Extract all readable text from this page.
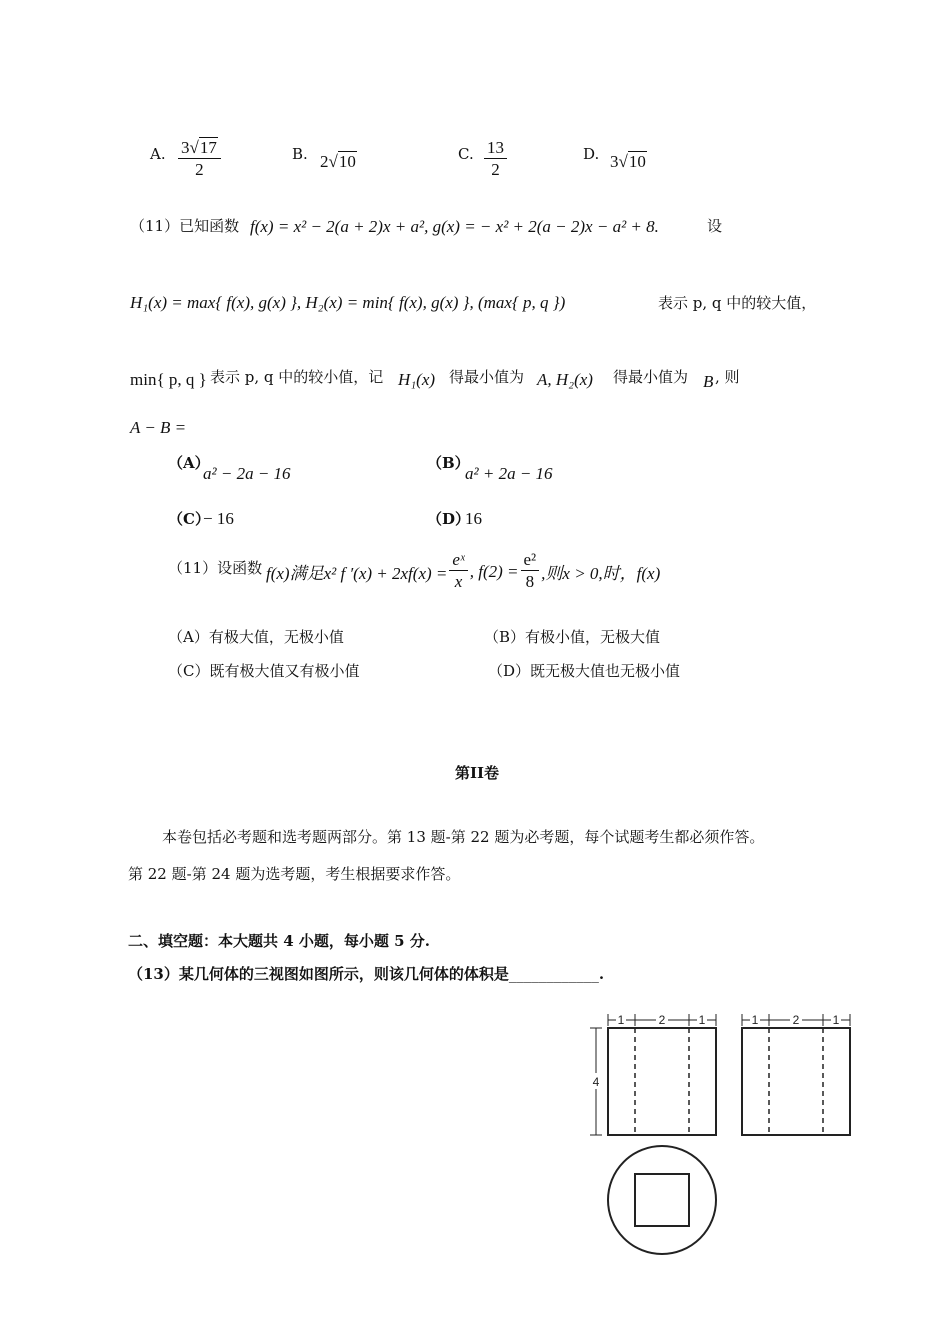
A. $\frac{3√17}{2}$	B. 2√10	C. $\frac{13}{2}$	D. 3√10
（11）已知函数 f(x) = x² − 2(a + 2)x + a², g(x) = − x² + 2(a − 2)x − a² + 8.	设
H₁(x) = max{ f(x), g(x) }, H₂(x) = min{ f(x), g(x) }, (max{ p, q })	表示 p, q 中的较大值，
min{ p, q } 表示 p, q 中的较小值，记 H₁(x) 得最小值为 A, H₂(x) 得最小值为 B , 则
A − B =
（A）
a² − 2a − 16
（B）
a² + 2a − 16
（C）
− 16	（D）
16
（11）设函数 f(x)满足x² f $'(x) + 2xf(x) = \frac{\text{eˣ}}{x}$ , $f(2) = \frac{\text{e²}}{8}$ ,则x > 0,时，f(x)
（A）有极大值，无极小值	（B）有极小值，无极大值
（C）既有极大值又有极小值	（D）既无极大值也无极小值
第II卷
本卷包括必考题和选考题两部分。第 13 题-第 22 题为必考题，每个试题考生都必须作答。
第 22 题-第 24 题为选考题，考生根据要求作答。
二、填空题：本大题共 4 小题，每小题 5 分.
（13）某几何体的三视图如图所示，则该几何体的体积是____________.
1	2	1	1	2	1
4
